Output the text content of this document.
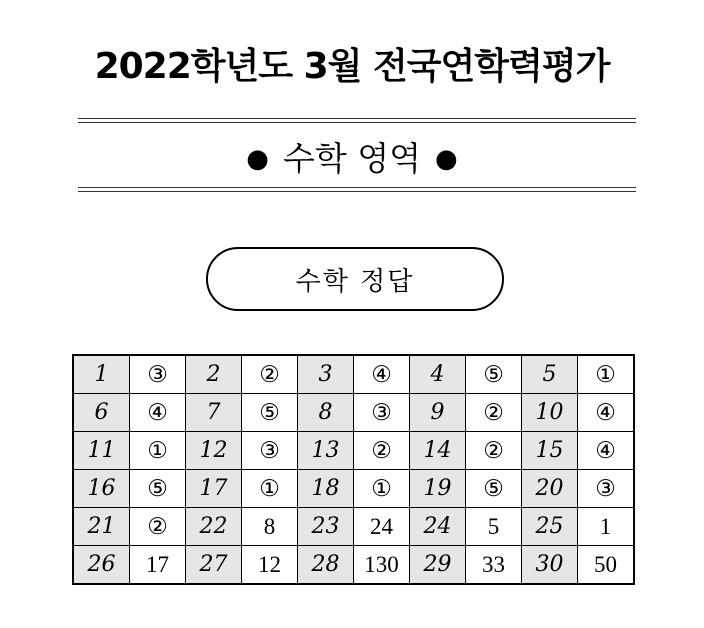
2022학년도 3월 전국연학력평가
● 수학 영역 ●
수학 정답
1	③	2	②	3	④	4	⑤	5	①
6	④	7	⑤	8	③	9	②	10	④
11	①	12	③	13	②	14	②	15	④
16	⑤	17	①	18	①	19	⑤	20	③
21	②	22	8	23	24	24	5	25	1
26	17	27	12	28	130	29	33	30	50
